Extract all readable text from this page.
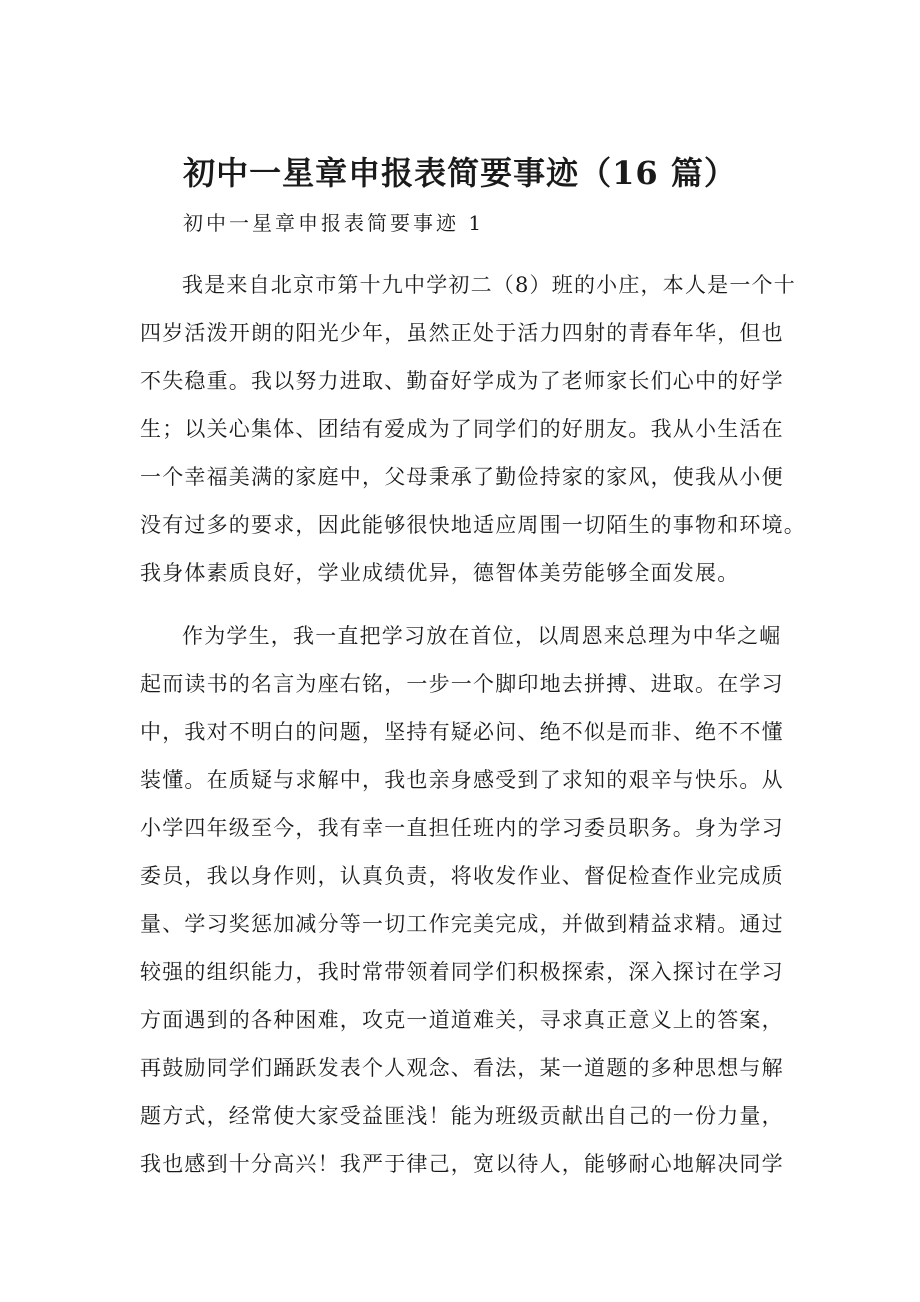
初中一星章申报表简要事迹（16 篇）

初中一星章申报表简要事迹 1

我是来自北京市第十九中学初二（8）班的小庄，本人是一个十
四岁活泼开朗的阳光少年，虽然正处于活力四射的青春年华，但也
不失稳重。我以努力进取、勤奋好学成为了老师家长们心中的好学
生；以关心集体、团结有爱成为了同学们的好朋友。我从小生活在
一个幸福美满的家庭中，父母秉承了勤俭持家的家风，使我从小便
没有过多的要求，因此能够很快地适应周围一切陌生的事物和环境。
我身体素质良好，学业成绩优异，德智体美劳能够全面发展。

作为学生，我一直把学习放在首位，以周恩来总理为中华之崛
起而读书的名言为座右铭，一步一个脚印地去拼搏、进取。在学习
中，我对不明白的问题，坚持有疑必问、绝不似是而非、绝不不懂
装懂。在质疑与求解中，我也亲身感受到了求知的艰辛与快乐。从
小学四年级至今，我有幸一直担任班内的学习委员职务。身为学习
委员，我以身作则，认真负责，将收发作业、督促检查作业完成质
量、学习奖惩加减分等一切工作完美完成，并做到精益求精。通过
较强的组织能力，我时常带领着同学们积极探索，深入探讨在学习
方面遇到的各种困难，攻克一道道难关，寻求真正意义上的答案，
再鼓励同学们踊跃发表个人观念、看法，某一道题的多种思想与解
题方式，经常使大家受益匪浅！能为班级贡献出自己的一份力量，
我也感到十分高兴！我严于律己，宽以待人，能够耐心地解决同学
